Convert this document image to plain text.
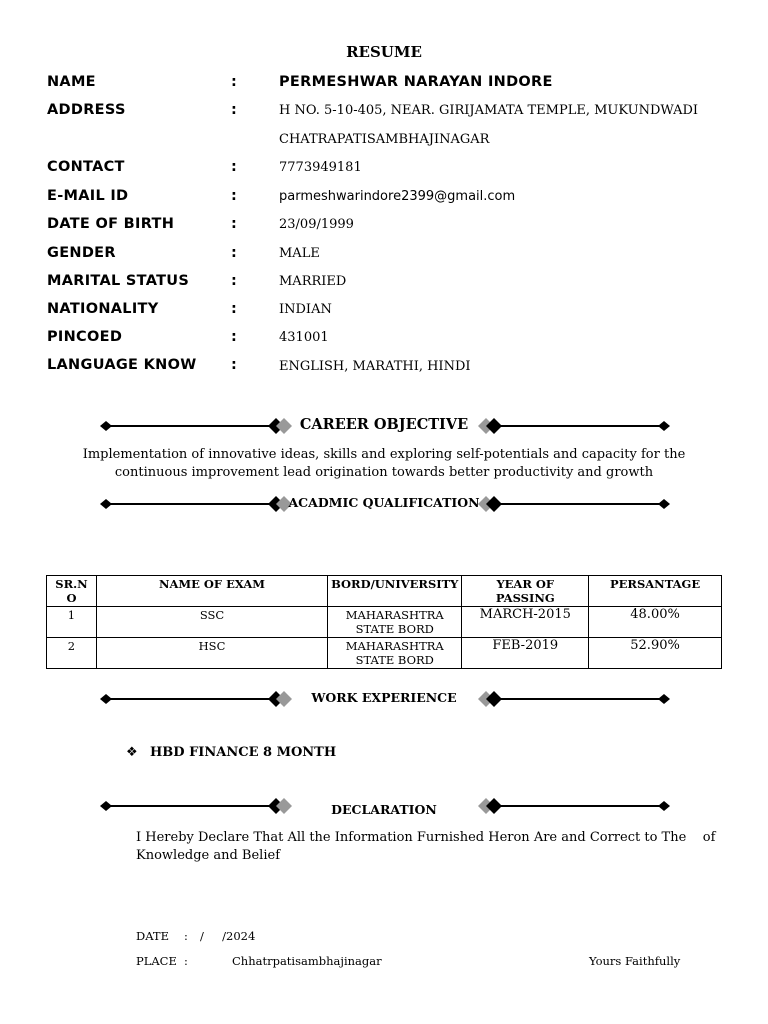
RESUME
NAME	:	PERMESHWAR NARAYAN INDORE
ADDRESS	:	H NO. 5-10-405, NEAR. GIRIJAMATA TEMPLE, MUKUNDWADI
CHATRAPATISAMBHAJINAGAR
CONTACT	:	7773949181
E-MAIL ID	:	parmeshwarindore2399@gmail.com
DATE OF BIRTH	:	23/09/1999
GENDER	:	MALE
MARITAL STATUS	:	MARRIED
NATIONALITY	:	INDIAN
PINCOED	:	431001
LANGUAGE KNOW :	ENGLISH, MARATHI, HINDI
CAREER OBJECTIVE
Implementation of innovative ideas, skills and exploring self-potentials and capacity for the continuous improvement lead origination towards better productivity and growth
ACADMIC QUALIFICATION
SR.N O	NAME OF EXAM	BORD/UNIVERSITY	YEAR OF PASSING	PERSANTAGE
1	SSC	MAHARASHTRA STATE BORD	MARCH-2015	48.00%
2	HSC	MAHARASHTRA STATE BORD	FEB-2019	52.90%
WORK EXPERIENCE
❖ HBD FINANCE 8 MONTH
DECLARATION
I Hereby Declare That All the Information Furnished Heron Are and Correct to The    of Knowledge and Belief
DATE : /     /2024
PLACE :	Chhatrpatisambhajinagar	Yours Faithfully
